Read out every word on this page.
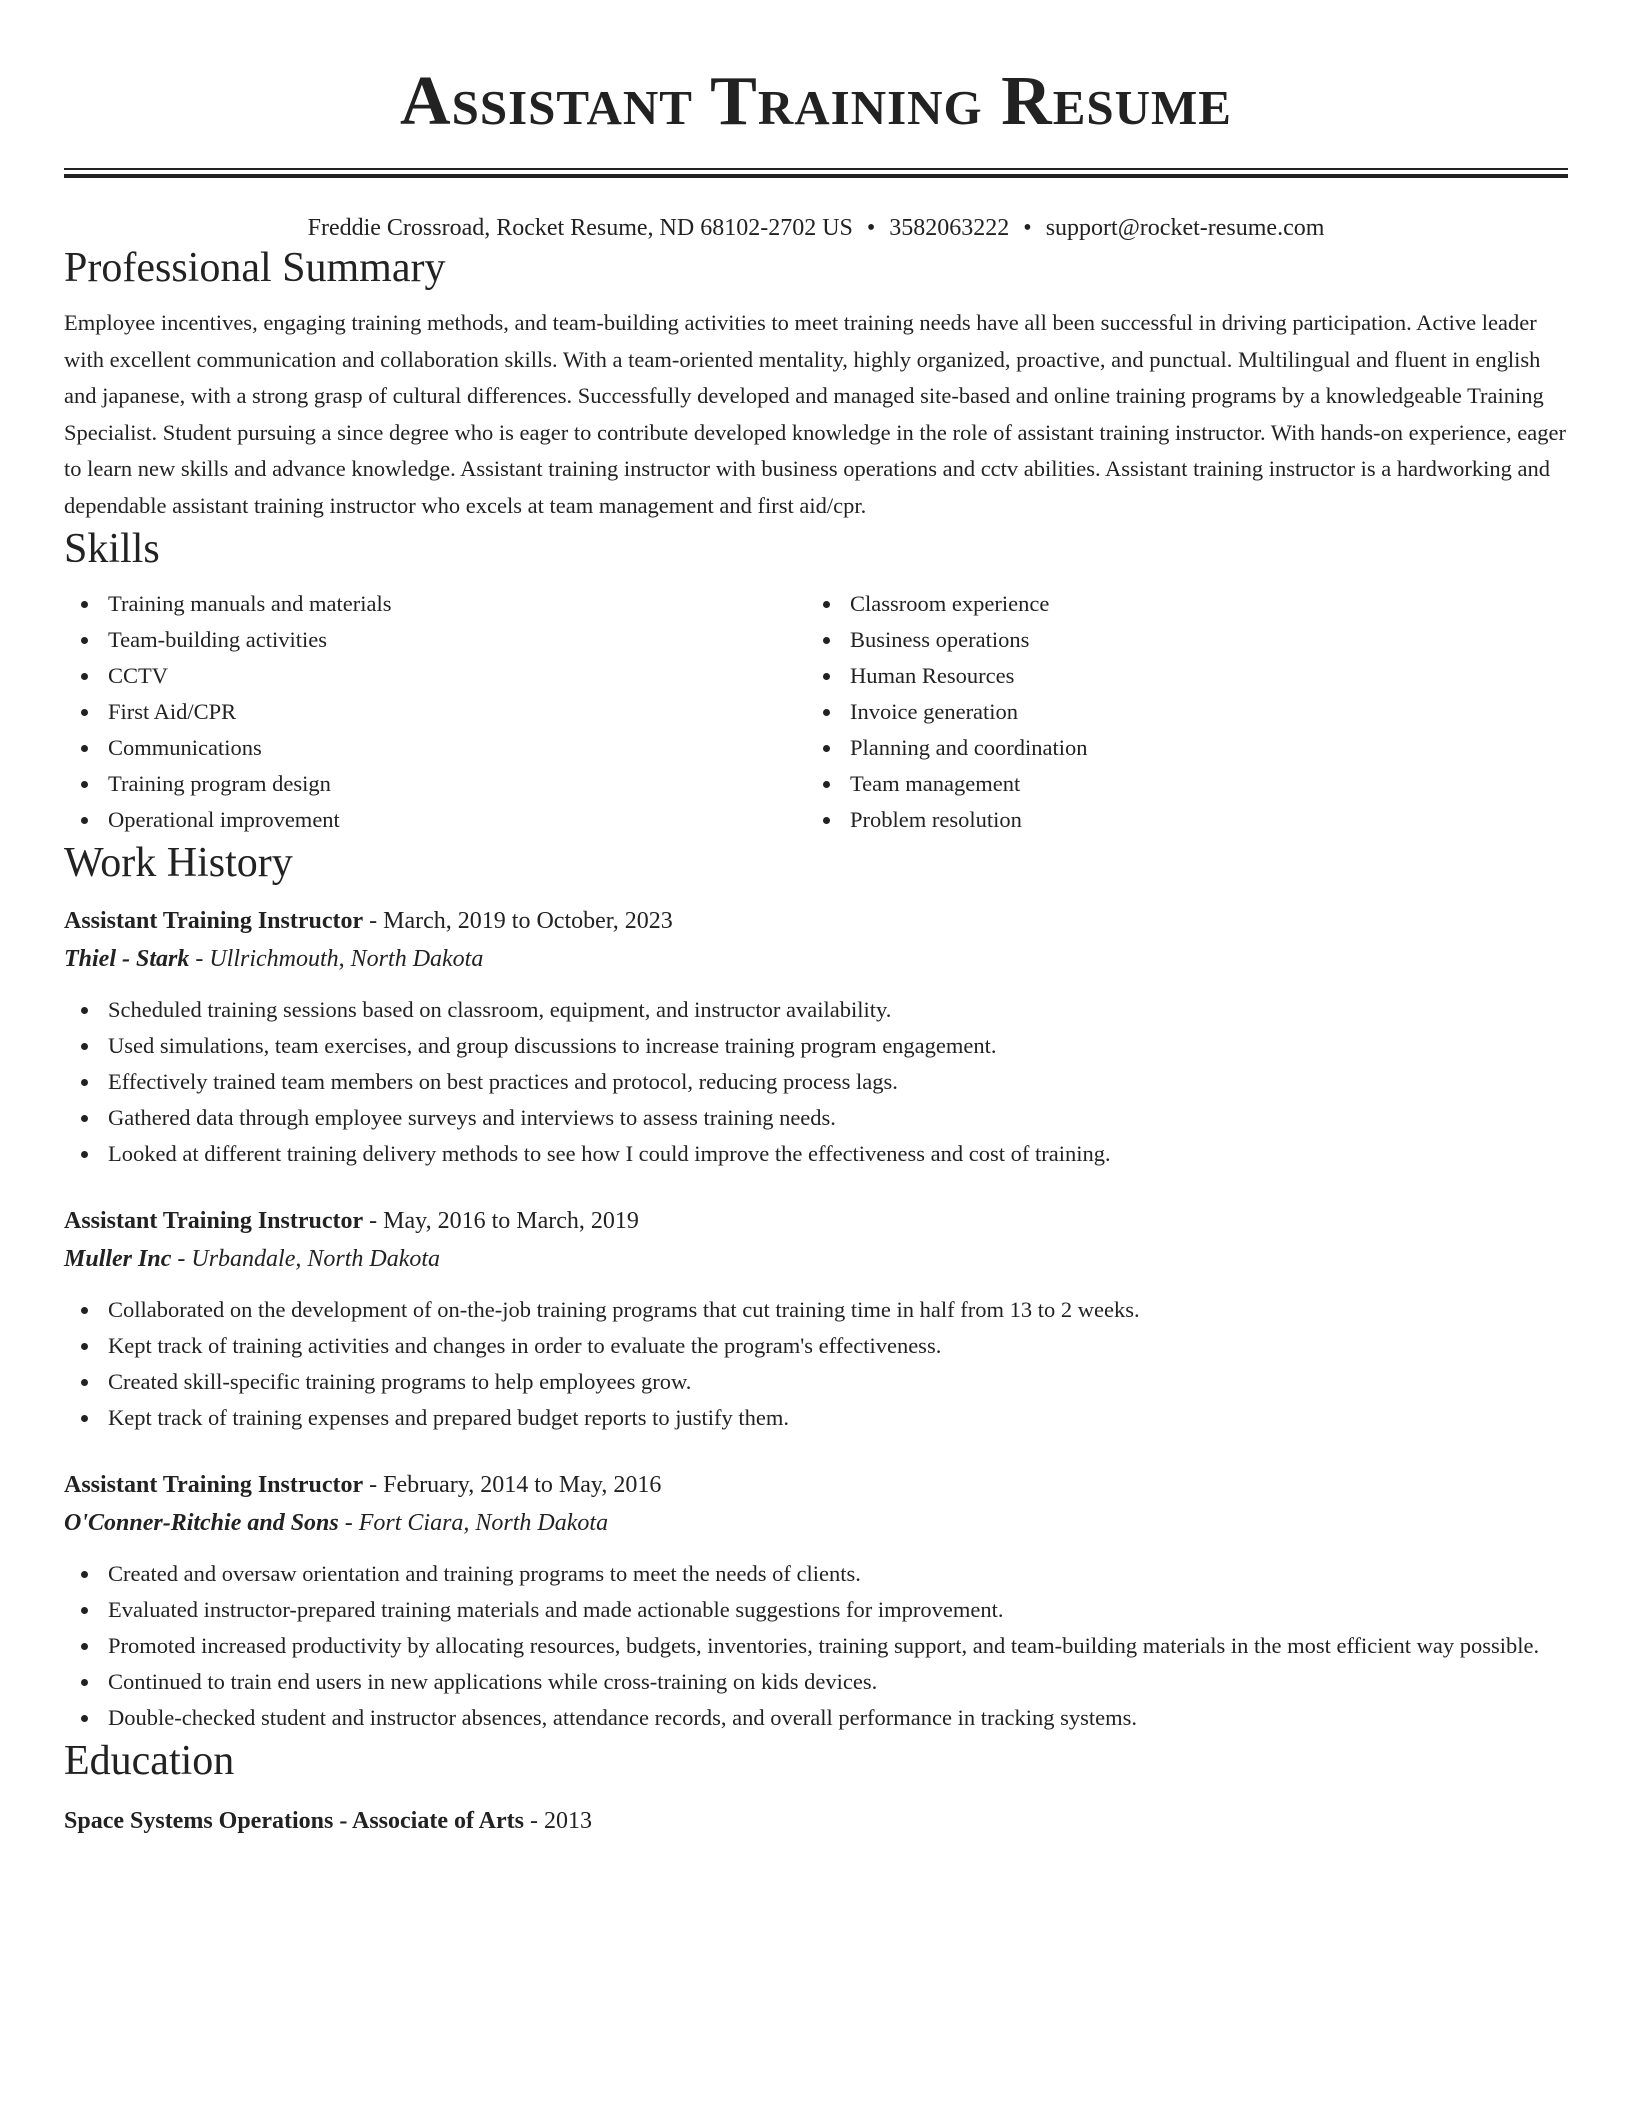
Assistant Training Resume
Freddie Crossroad, Rocket Resume, ND 68102-2702 US • 3582063222 • support@rocket-resume.com
Professional Summary

Employee incentives, engaging training methods, and team-building activities to meet training needs have all been successful in driving participation. Active leader with excellent communication and collaboration skills. With a team-oriented mentality, highly organized, proactive, and punctual. Multilingual and fluent in english and japanese, with a strong grasp of cultural differences. Successfully developed and managed site-based and online training programs by a knowledgeable Training Specialist. Student pursuing a since degree who is eager to contribute developed knowledge in the role of assistant training instructor. With hands-on experience, eager to learn new skills and advance knowledge. Assistant training instructor with business operations and cctv abilities. Assistant training instructor is a hardworking and dependable assistant training instructor who excels at team management and first aid/cpr.

Skills
Training manuals and materials
Team-building activities
CCTV
First Aid/CPR
Communications
Training program design
Operational improvement
Classroom experience
Business operations
Human Resources
Invoice generation
Planning and coordination
Team management
Problem resolution
Work History
Assistant Training Instructor - March, 2019 to October, 2023
Thiel - Stark - Ullrichmouth, North Dakota
Scheduled training sessions based on classroom, equipment, and instructor availability.
Used simulations, team exercises, and group discussions to increase training program engagement.
Effectively trained team members on best practices and protocol, reducing process lags.
Gathered data through employee surveys and interviews to assess training needs.
Looked at different training delivery methods to see how I could improve the effectiveness and cost of training.
Assistant Training Instructor - May, 2016 to March, 2019
Muller Inc - Urbandale, North Dakota
Collaborated on the development of on-the-job training programs that cut training time in half from 13 to 2 weeks.
Kept track of training activities and changes in order to evaluate the program's effectiveness.
Created skill-specific training programs to help employees grow.
Kept track of training expenses and prepared budget reports to justify them.
Assistant Training Instructor - February, 2014 to May, 2016
O'Conner-Ritchie and Sons - Fort Ciara, North Dakota
Created and oversaw orientation and training programs to meet the needs of clients.
Evaluated instructor-prepared training materials and made actionable suggestions for improvement.
Promoted increased productivity by allocating resources, budgets, inventories, training support, and team-building materials in the most efficient way possible.
Continued to train end users in new applications while cross-training on kids devices.
Double-checked student and instructor absences, attendance records, and overall performance in tracking systems.
Education
Space Systems Operations - Associate of Arts - 2013
